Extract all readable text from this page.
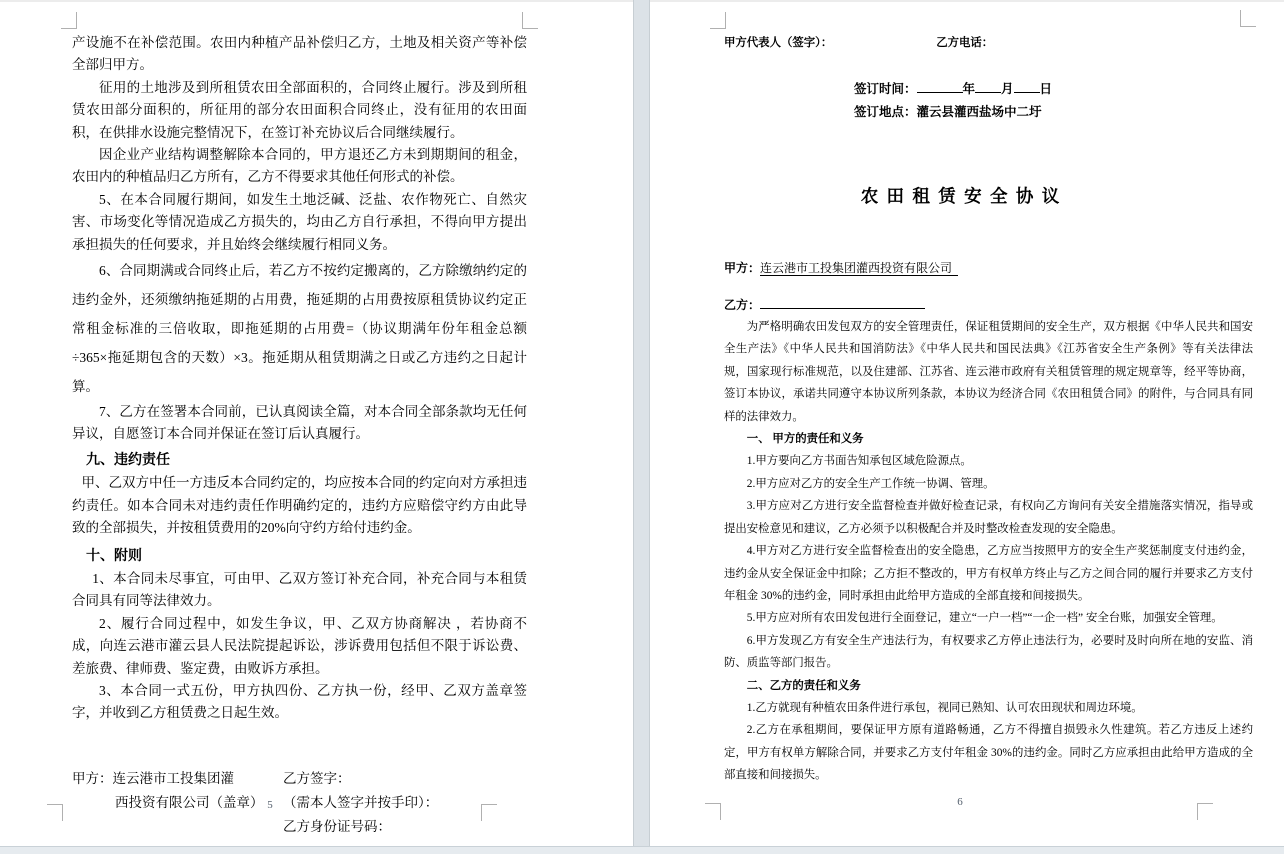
产设施不在补偿范围。农田内种植产品补偿归乙方，土地及相关资产等补偿全部归甲方。

征用的土地涉及到所租赁农田全部面积的，合同终止履行。涉及到所租赁农田部分面积的，所征用的部分农田面积合同终止，没有征用的农田面积，在供排水设施完整情况下，在签订补充协议后合同继续履行。

因企业产业结构调整解除本合同的，甲方退还乙方未到期期间的租金，农田内的种植品归乙方所有，乙方不得要求其他任何形式的补偿。

5、在本合同履行期间，如发生土地泛碱、泛盐、农作物死亡、自然灾害、市场变化等情况造成乙方损失的，均由乙方自行承担，不得向甲方提出承担损失的任何要求，并且始终会继续履行相同义务。

6、合同期满或合同终止后，若乙方不按约定搬离的，乙方除缴纳约定的违约金外，还须缴纳拖延期的占用费，拖延期的占用费按原租赁协议约定正常租金标准的三倍收取，即拖延期的占用费=（协议期满年份年租金总额÷365×拖延期包含的天数）×3。拖延期从租赁期满之日或乙方违约之日起计算。

7、乙方在签署本合同前，已认真阅读全篇，对本合同全部条款均无任何异议，自愿签订本合同并保证在签订后认真履行。

九、违约责任

甲、乙双方中任一方违反本合同约定的，均应按本合同的约定向对方承担违约责任。如本合同未对违约责任作明确约定的，违约方应赔偿守约方由此导致的全部损失，并按租赁费用的20%向守约方给付违约金。

十、附则

1、本合同未尽事宜，可由甲、乙双方签订补充合同，补充合同与本租赁合同具有同等法律效力。

2、履行合同过程中，如发生争议，甲、乙双方协商解决 ，若协商不成，向连云港市灌云县人民法院提起诉讼，涉诉费用包括但不限于诉讼费、差旅费、律师费、鉴定费，由败诉方承担。

3、本合同一式五份，甲方执四份、乙方执一份，经甲、乙双方盖章签字，并收到乙方租赁费之日起生效。

甲方：连云港市工投集团灌
西投资有限公司（盖章）
乙方签字：
（需本人签字并按手印）：
乙方身份证号码：
甲方代表人（签字）：	乙方电话：
签订时间：	年 月 日
签订地点：灌云县灌西盐场中二圩
农 田 租 赁 安 全 协 议
甲方：连云港市工投集团灌西投资有限公司
乙方：

为严格明确农田发包双方的安全管理责任，保证租赁期间的安全生产，双方根据《中华人民共和国安全生产法》《中华人民共和国消防法》《中华人民共和国民法典》《江苏省安全生产条例》等有关法律法规，国家现行标准规范，以及住建部、江苏省、连云港市政府有关租赁管理的规定规章等，经平等协商，签订本协议，承诺共同遵守本协议所列条款，本协议为经济合同《农田租赁合同》的附件，与合同具有同样的法律效力。

一、 甲方的责任和义务

1.甲方要向乙方书面告知承包区域危险源点。

2.甲方应对乙方的安全生产工作统一协调、管理。

3.甲方应对乙方进行安全监督检查并做好检查记录，有权向乙方询问有关安全措施落实情况，指导或提出安检意见和建议，乙方必须予以积极配合并及时整改检查发现的安全隐患。

4.甲方对乙方进行安全监督检查出的安全隐患，乙方应当按照甲方的安全生产奖惩制度支付违约金，违约金从安全保证金中扣除；乙方拒不整改的，甲方有权单方终止与乙方之间合同的履行并要求乙方支付年租金 30%的违约金，同时承担由此给甲方造成的全部直接和间接损失。

5.甲方应对所有农田发包进行全面登记，建立“一户一档”“一企一档” 安全台账，加强安全管理。

6.甲方发现乙方有安全生产违法行为，有权要求乙方停止违法行为，必要时及时向所在地的安监、消防、质监等部门报告。

二、乙方的责任和义务

1.乙方就现有种植农田条件进行承包，视同已熟知、认可农田现状和周边环境。

2.乙方在承租期间，要保证甲方原有道路畅通，乙方不得擅自损毁永久性建筑。若乙方违反上述约定，甲方有权单方解除合同，并要求乙方支付年租金 30%的违约金。同时乙方应承担由此给甲方造成的全部直接和间接损失。

5	6
